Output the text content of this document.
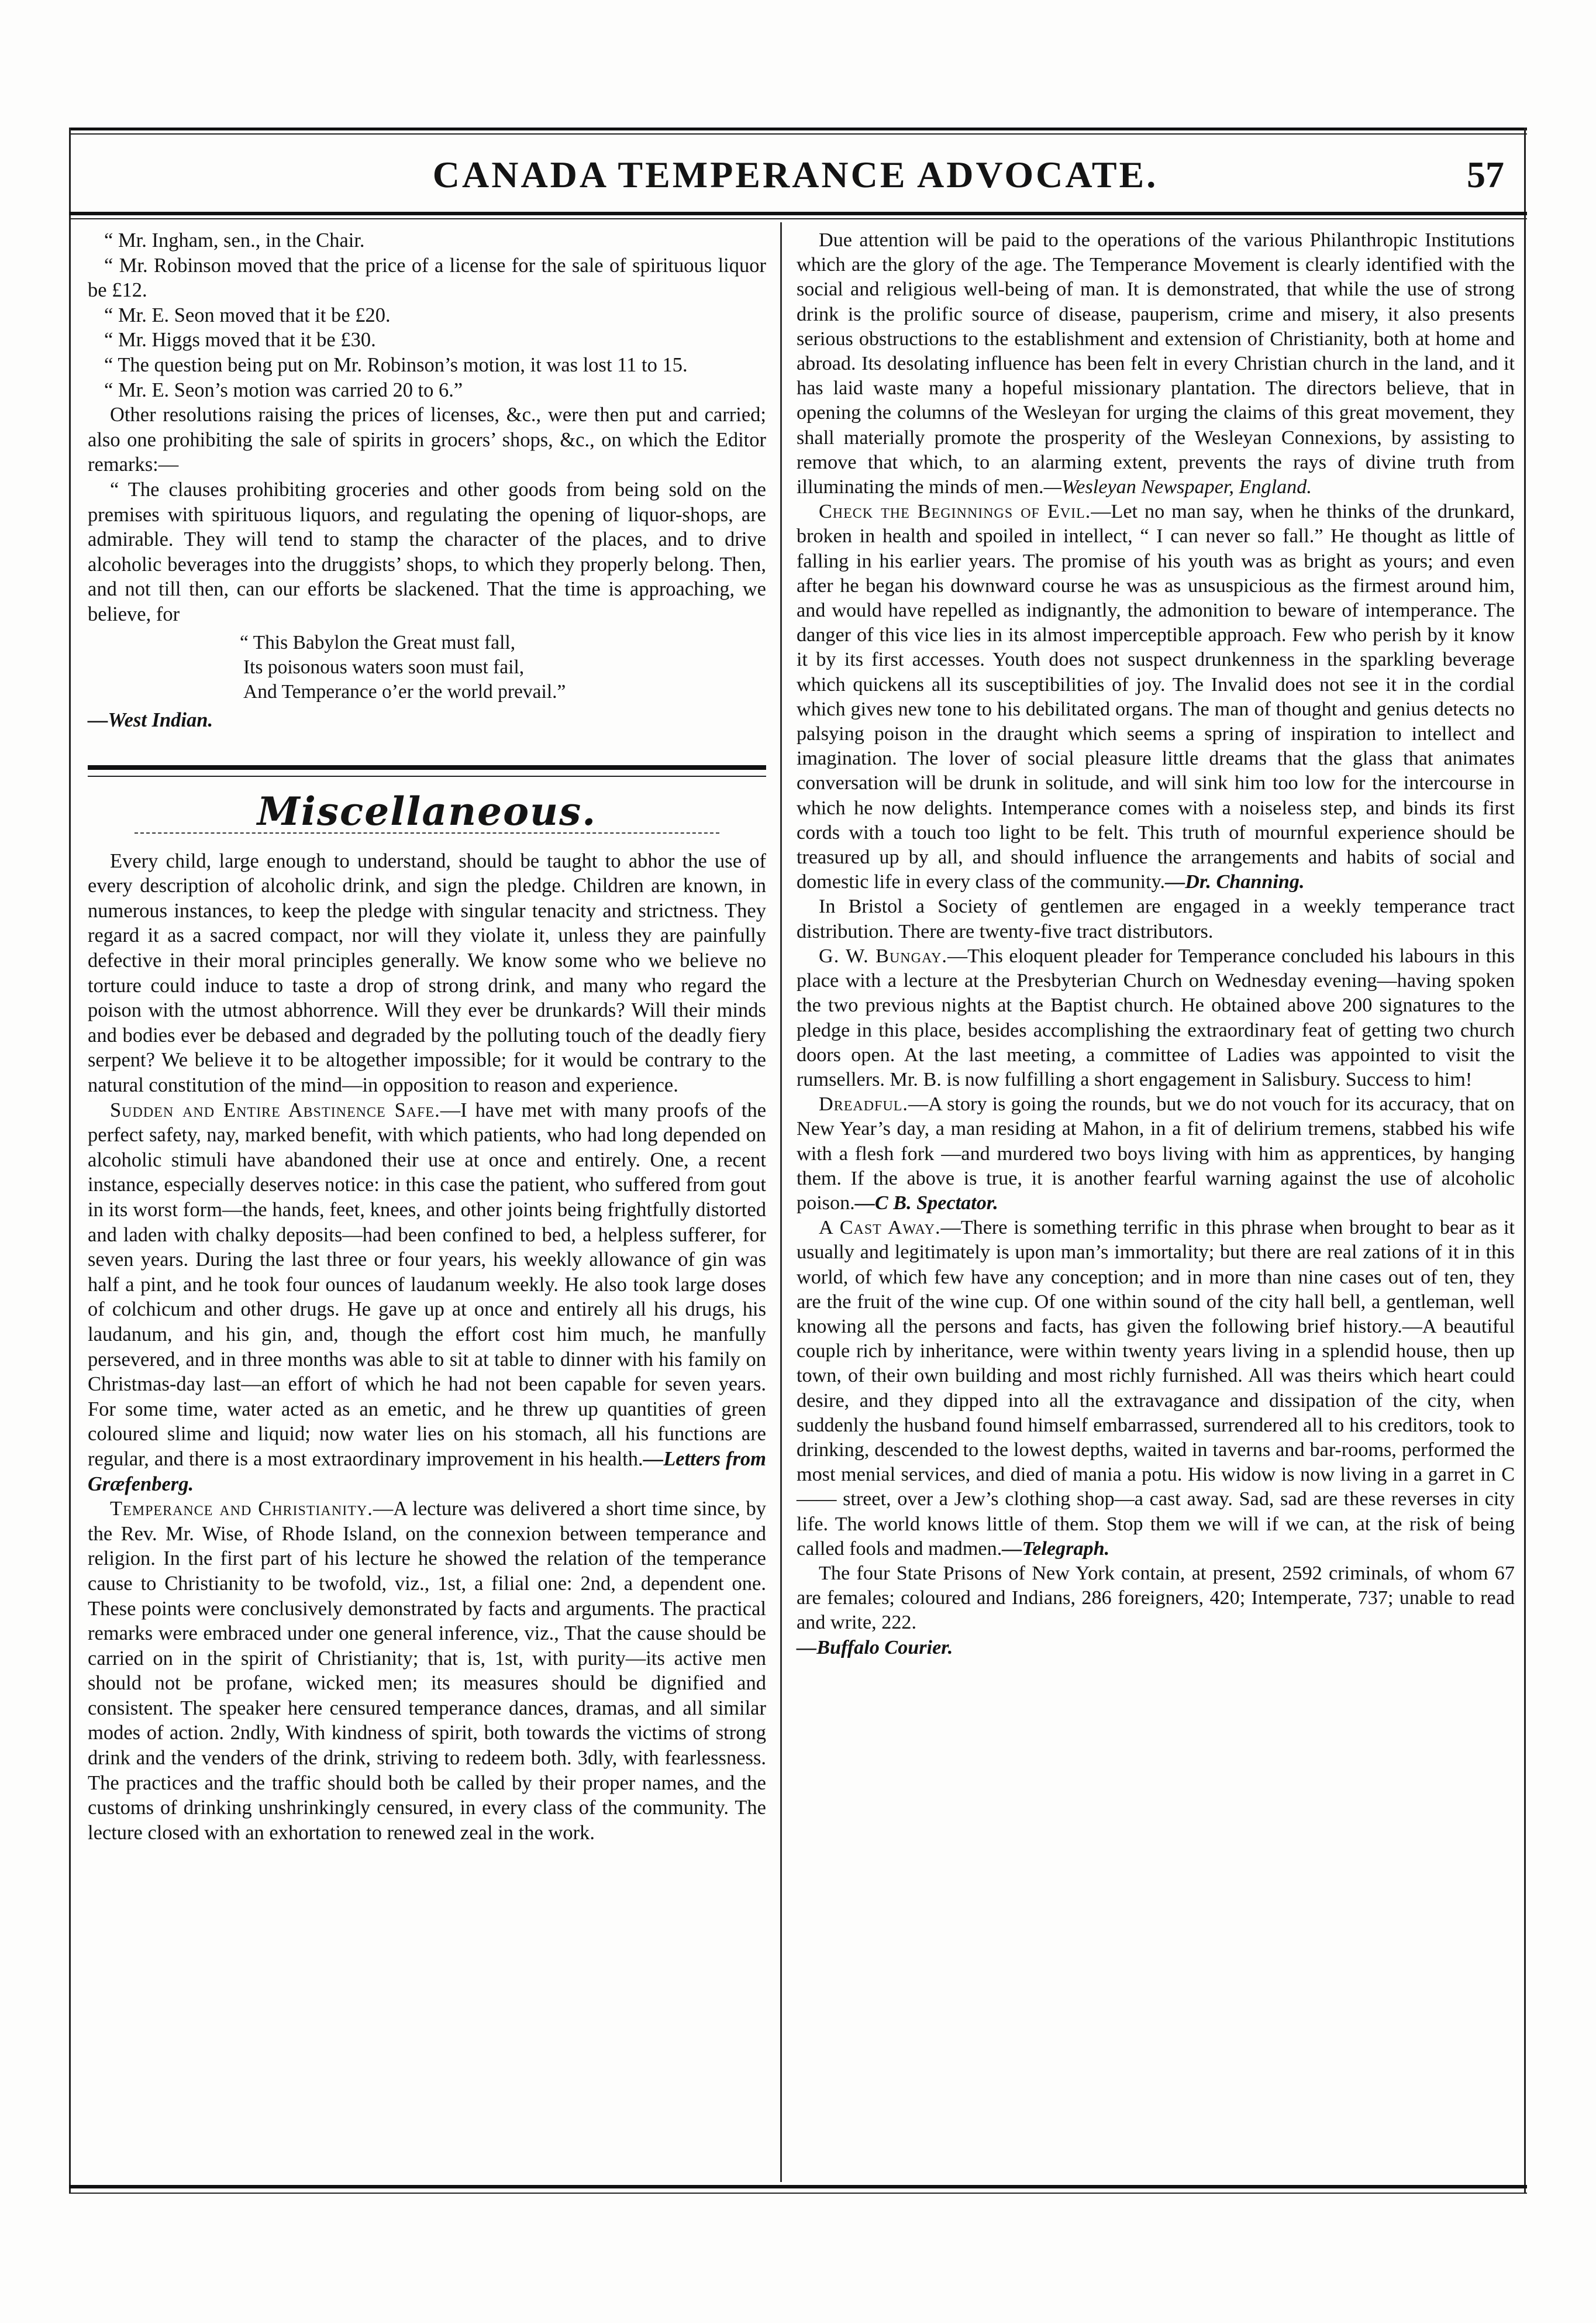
CANADA TEMPERANCE ADVOCATE.	57

“ Mr. Ingham, sen., in the Chair.

“ Mr. Robinson moved that the price of a license for the sale of spirituous liquor be £12.

“ Mr. E. Seon moved that it be £20.

“ Mr. Higgs moved that it be £30.

“ The question being put on Mr. Robinson’s motion, it was lost 11 to 15.

“ Mr. E. Seon’s motion was carried 20 to 6.”

Other resolutions raising the prices of licenses, &c., were then put and carried; also one prohibiting the sale of spirits in grocers’ shops, &c., on which the Editor remarks:—

“ The clauses prohibiting groceries and other goods from being sold on the premises with spirituous liquors, and regulating the opening of liquor-shops, are admirable. They will tend to stamp the character of the places, and to drive alcoholic beverages into the druggists’ shops, to which they properly belong. Then, and not till then, can our efforts be slackened. That the time is approaching, we believe, for

“ This Babylon the Great must fall,
Its poisonous waters soon must fail,
And Temperance o’er the world prevail.”

—West Indian.

Miscellaneous.

Every child, large enough to understand, should be taught to abhor the use of every description of alcoholic drink, and sign the pledge. Children are known, in numerous instances, to keep the pledge with singular tenacity and strictness. They regard it as a sacred compact, nor will they violate it, unless they are painfully defective in their moral principles generally. We know some who we believe no torture could induce to taste a drop of strong drink, and many who regard the poison with the utmost abhorrence. Will they ever be drunkards? Will their minds and bodies ever be debased and degraded by the polluting touch of the deadly fiery serpent? We believe it to be altogether impossible; for it would be contrary to the natural constitution of the mind—in opposition to reason and experience.

Sudden and Entire Abstinence Safe.—I have met with many proofs of the perfect safety, nay, marked benefit, with which patients, who had long depended on alcoholic stimuli have abandoned their use at once and entirely. One, a recent instance, especially deserves notice: in this case the patient, who suffered from gout in its worst form—the hands, feet, knees, and other joints being frightfully distorted and laden with chalky deposits—had been confined to bed, a helpless sufferer, for seven years. During the last three or four years, his weekly allowance of gin was half a pint, and he took four ounces of laudanum weekly. He also took large doses of colchicum and other drugs. He gave up at once and entirely all his drugs, his laudanum, and his gin, and, though the effort cost him much, he manfully persevered, and in three months was able to sit at table to dinner with his family on Christmas-day last—an effort of which he had not been capable for seven years. For some time, water acted as an emetic, and he threw up quantities of green coloured slime and liquid; now water lies on his stomach, all his functions are regular, and there is a most extraordinary improvement in his health.—Letters from Græfenberg.

Temperance and Christianity.—A lecture was delivered a short time since, by the Rev. Mr. Wise, of Rhode Island, on the connexion between temperance and religion. In the first part of his lecture he showed the relation of the temperance cause to Christianity to be twofold, viz., 1st, a filial one: 2nd, a dependent one. These points were conclusively demonstrated by facts and arguments. The practical remarks were embraced under one general inference, viz., That the cause should be carried on in the spirit of Christianity; that is, 1st, with purity—its active men should not be profane, wicked men; its measures should be dignified and consistent. The speaker here censured temperance dances, dramas, and all similar modes of action. 2ndly, With kindness of spirit, both towards the victims of strong drink and the venders of the drink, striving to redeem both. 3dly, with fearlessness. The practices and the traffic should both be called by their proper names, and the customs of drinking unshrinkingly censured, in every class of the community. The lecture closed with an exhortation to renewed zeal in the work.

Due attention will be paid to the operations of the various Philanthropic Institutions which are the glory of the age. The Temperance Movement is clearly identified with the social and religious well-being of man. It is demonstrated, that while the use of strong drink is the prolific source of disease, pauperism, crime and misery, it also presents serious obstructions to the establishment and extension of Christianity, both at home and abroad. Its desolating influence has been felt in every Christian church in the land, and it has laid waste many a hopeful missionary plantation. The directors believe, that in opening the columns of the Wesleyan for urging the claims of this great movement, they shall materially promote the prosperity of the Wesleyan Connexions, by assisting to remove that which, to an alarming extent, prevents the rays of divine truth from illuminating the minds of men.—Wesleyan Newspaper, England.

Check the Beginnings of Evil.—Let no man say, when he thinks of the drunkard, broken in health and spoiled in intellect, “ I can never so fall.” He thought as little of falling in his earlier years. The promise of his youth was as bright as yours; and even after he began his downward course he was as unsuspicious as the firmest around him, and would have repelled as indignantly, the admonition to beware of intemperance. The danger of this vice lies in its almost imperceptible approach. Few who perish by it know it by its first accesses. Youth does not suspect drunkenness in the sparkling beverage which quickens all its susceptibilities of joy. The Invalid does not see it in the cordial which gives new tone to his debilitated organs. The man of thought and genius detects no palsying poison in the draught which seems a spring of inspiration to intellect and imagination. The lover of social pleasure little dreams that the glass that animates conversation will be drunk in solitude, and will sink him too low for the intercourse in which he now delights. Intemperance comes with a noiseless step, and binds its first cords with a touch too light to be felt. This truth of mournful experience should be treasured up by all, and should influence the arrangements and habits of social and domestic life in every class of the community.—Dr. Channing.

In Bristol a Society of gentlemen are engaged in a weekly temperance tract distribution. There are twenty-five tract distributors.

G. W. Bungay.—This eloquent pleader for Temperance concluded his labours in this place with a lecture at the Presbyterian Church on Wednesday evening—having spoken the two previous nights at the Baptist church. He obtained above 200 signatures to the pledge in this place, besides accomplishing the extraordinary feat of getting two church doors open. At the last meeting, a committee of Ladies was appointed to visit the rumsellers. Mr. B. is now fulfilling a short engagement in Salisbury. Success to him!

Dreadful.—A story is going the rounds, but we do not vouch for its accuracy, that on New Year’s day, a man residing at Mahon, in a fit of delirium tremens, stabbed his wife with a flesh fork —and murdered two boys living with him as apprentices, by hanging them. If the above is true, it is another fearful warning against the use of alcoholic poison.—C B. Spectator.

A Cast Away.—There is something terrific in this phrase when brought to bear as it usually and legitimately is upon man’s immortality; but there are real zations of it in this world, of which few have any conception; and in more than nine cases out of ten, they are the fruit of the wine cup. Of one within sound of the city hall bell, a gentleman, well knowing all the persons and facts, has given the following brief history.—A beautiful couple rich by inheritance, were within twenty years living in a splendid house, then up town, of their own building and most richly furnished. All was theirs which heart could desire, and they dipped into all the extravagance and dissipation of the city, when suddenly the husband found himself embarrassed, surrendered all to his creditors, took to drinking, descended to the lowest depths, waited in taverns and bar-rooms, performed the most menial services, and died of mania a potu. His widow is now living in a garret in C—— street, over a Jew’s clothing shop—a cast away. Sad, sad are these reverses in city life. The world knows little of them. Stop them we will if we can, at the risk of being called fools and madmen.—Telegraph.

The four State Prisons of New York contain, at present, 2592 criminals, of whom 67 are females; coloured and Indians, 286 foreigners, 420; Intemperate, 737; unable to read and write, 222.
—Buffalo Courier.
